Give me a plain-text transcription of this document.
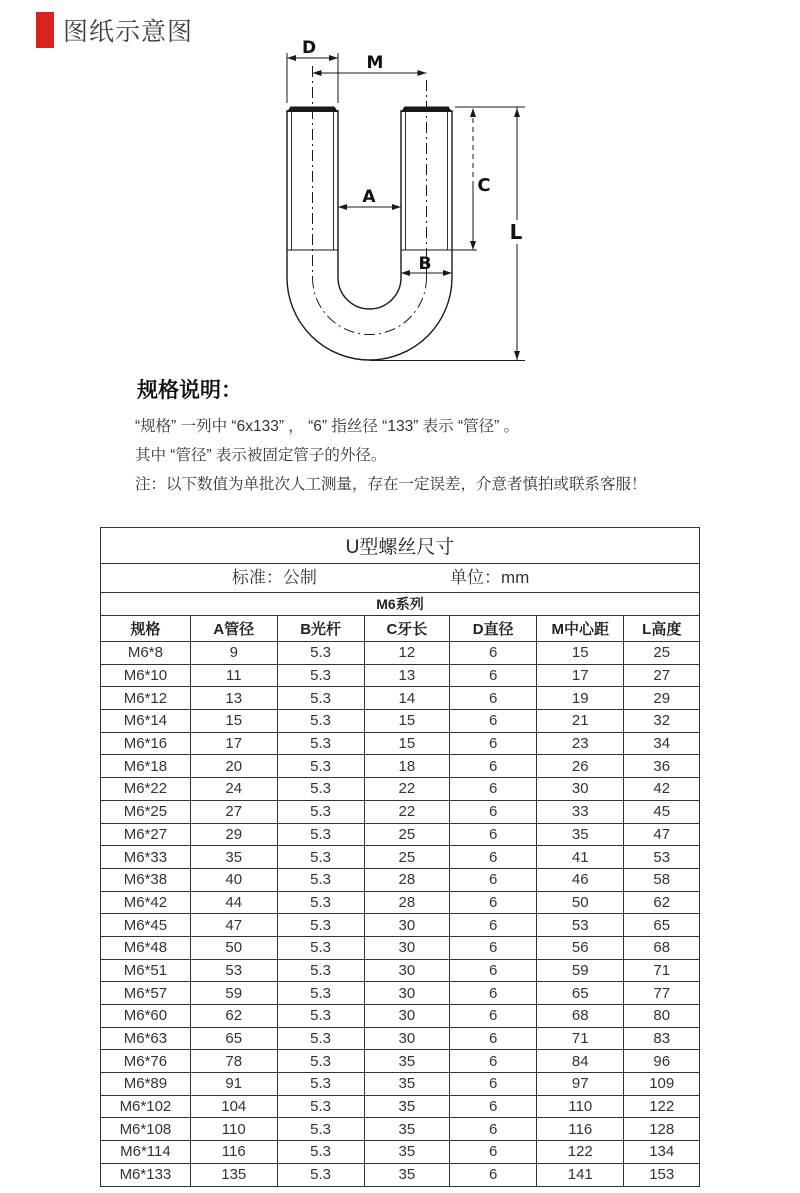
图纸示意图
D
M
A
C
B
L

规格说明：

“规格” 一列中 “6x133” ， “6” 指丝径 “133” 表示 “管径” 。

其中 “管径” 表示被固定管子的外径。

注：以下数值为单批次人工测量，存在一定误差，介意者慎拍或联系客服！

U型螺丝尺寸						

标准：公制 单位：mm						

M6系列						
规格	A管径	B光杆	C牙长	D直径	M中心距	L高度
M6*8	9	5.3	12	6	15	25
M6*10	11	5.3	13	6	17	27
M6*12	13	5.3	14	6	19	29
M6*14	15	5.3	15	6	21	32
M6*16	17	5.3	15	6	23	34
M6*18	20	5.3	18	6	26	36
M6*22	24	5.3	22	6	30	42
M6*25	27	5.3	22	6	33	45
M6*27	29	5.3	25	6	35	47
M6*33	35	5.3	25	6	41	53
M6*38	40	5.3	28	6	46	58
M6*42	44	5.3	28	6	50	62
M6*45	47	5.3	30	6	53	65
M6*48	50	5.3	30	6	56	68
M6*51	53	5.3	30	6	59	71
M6*57	59	5.3	30	6	65	77
M6*60	62	5.3	30	6	68	80
M6*63	65	5.3	30	6	71	83
M6*76	78	5.3	35	6	84	96
M6*89	91	5.3	35	6	97	109
M6*102	104	5.3	35	6	110	122
M6*108	110	5.3	35	6	116	128
M6*114	116	5.3	35	6	122	134
M6*133	135	5.3	35	6	141	153
